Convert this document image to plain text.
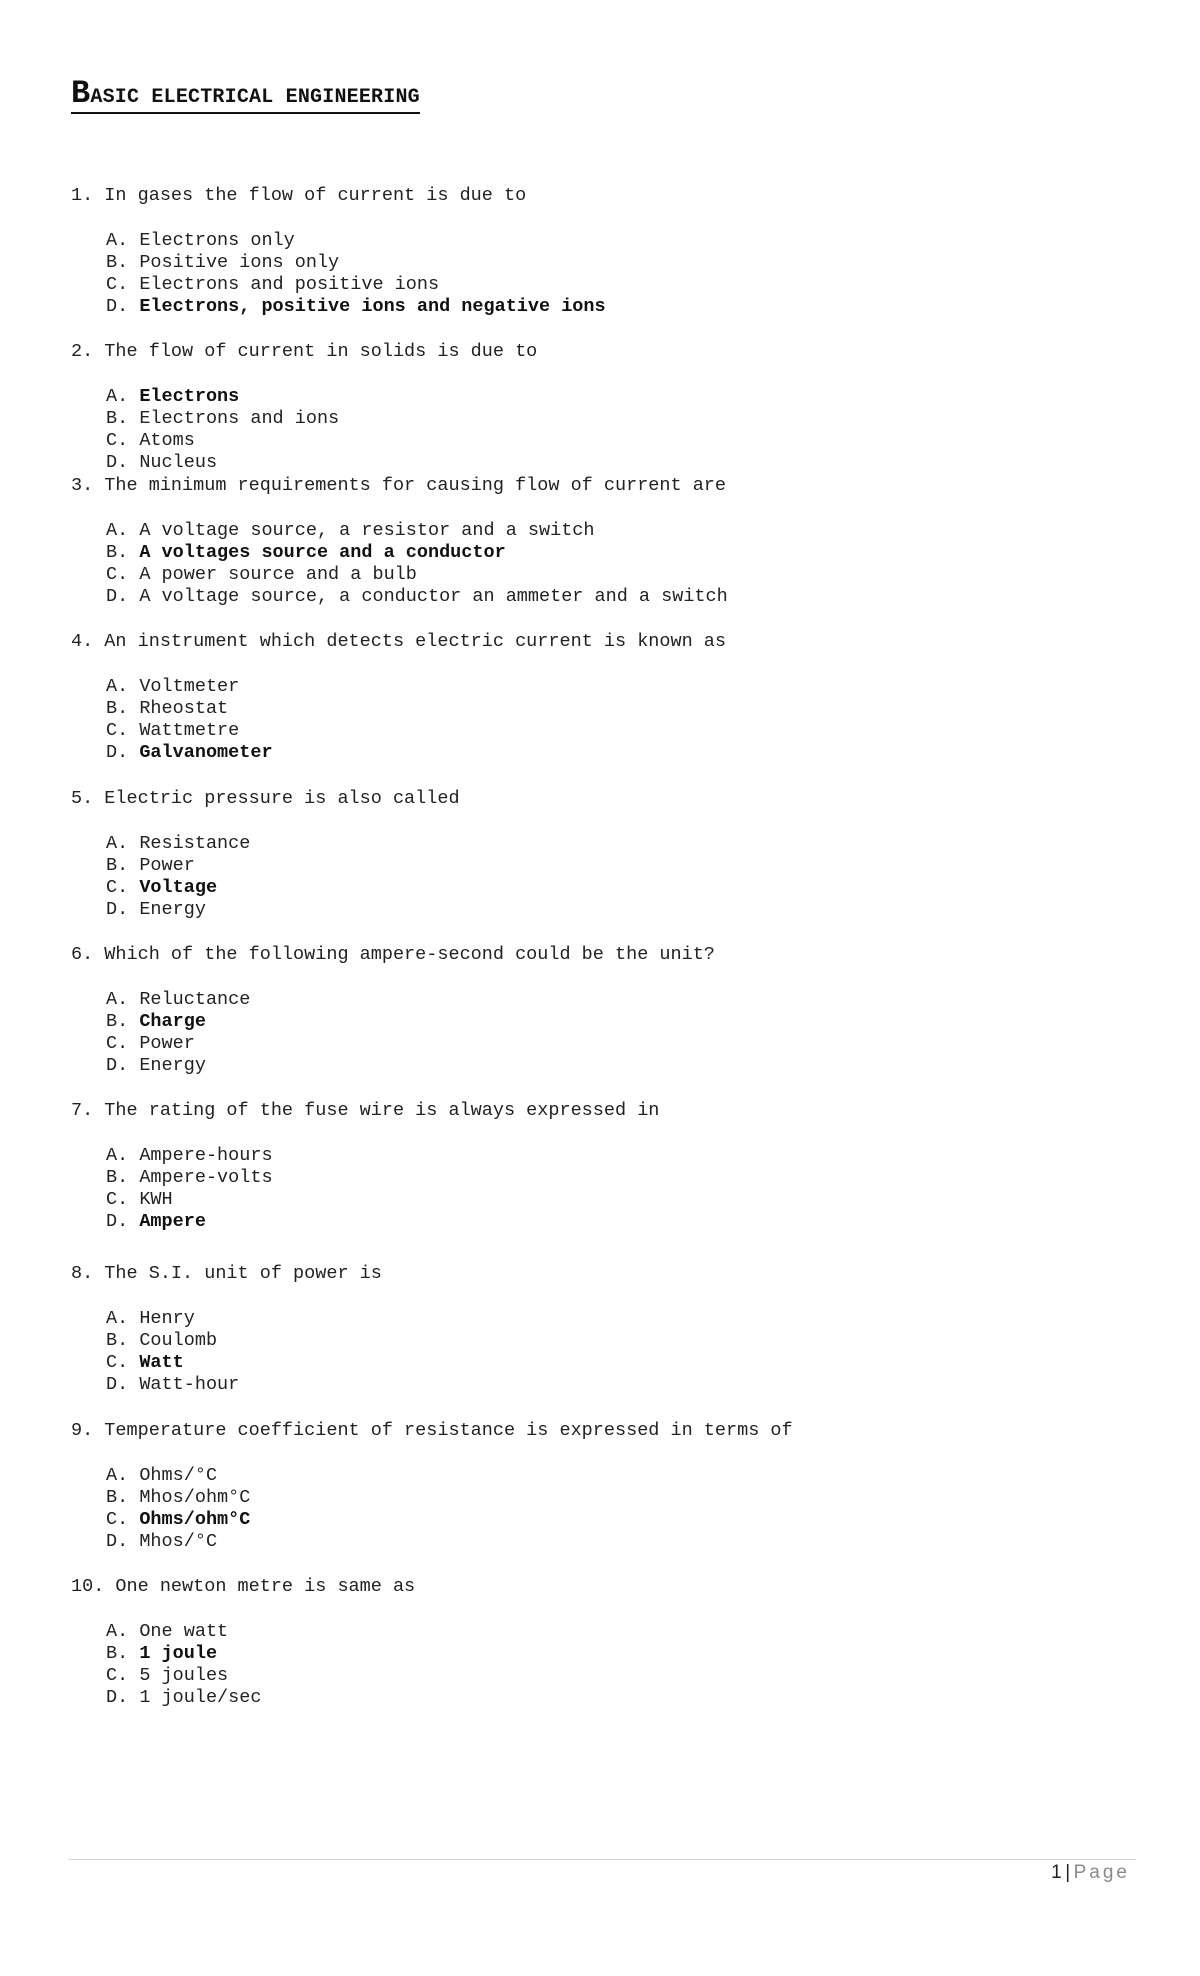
BASIC ELECTRICAL ENGINEERING
1. In gases the flow of current is due to
A. Electrons only
B. Positive ions only
C. Electrons and positive ions
D. Electrons, positive ions and negative ions
2. The flow of current in solids is due to
A. Electrons
B. Electrons and ions
C. Atoms
D. Nucleus
3. The minimum requirements for causing flow of current are
A. A voltage source, a resistor and a switch
B. A voltages source and a conductor
C. A power source and a bulb
D. A voltage source, a conductor an ammeter and a switch
4. An instrument which detects electric current is known as
A. Voltmeter
B. Rheostat
C. Wattmetre
D. Galvanometer
5. Electric pressure is also called
A. Resistance
B. Power
C. Voltage
D. Energy
6. Which of the following ampere-second could be the unit?
A. Reluctance
B. Charge
C. Power
D. Energy
7. The rating of the fuse wire is always expressed in
A. Ampere-hours
B. Ampere-volts
C. KWH
D. Ampere
8. The S.I. unit of power is
A. Henry
B. Coulomb
C. Watt
D. Watt-hour
9. Temperature coefficient of resistance is expressed in terms of
A. Ohms/°C
B. Mhos/ohm°C
C. Ohms/ohm°C
D. Mhos/°C
10. One newton metre is same as
A. One watt
B. 1 joule
C. 5 joules
D. 1 joule/sec
1 | Page
